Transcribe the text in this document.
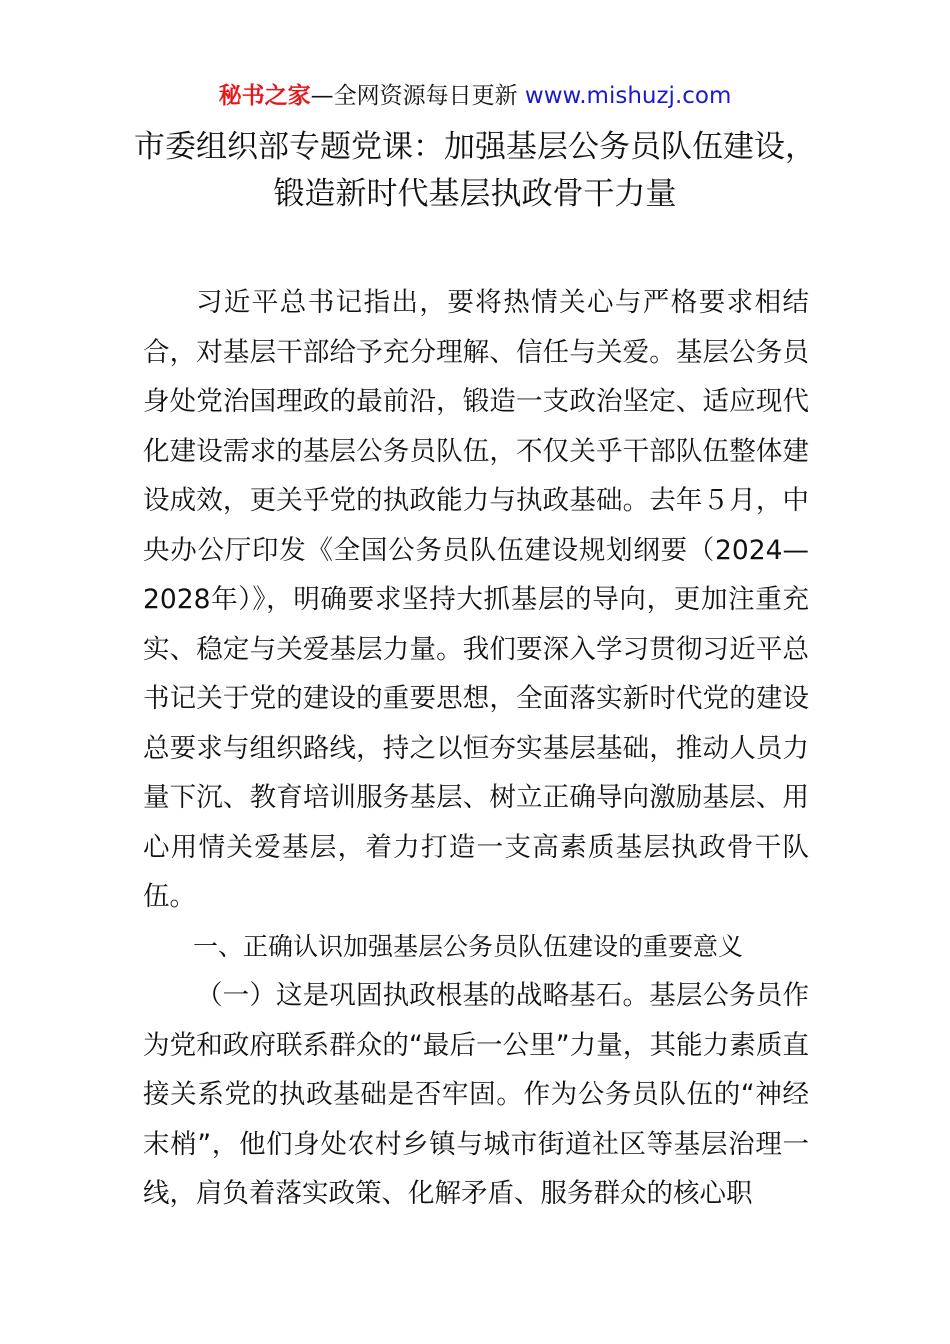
秘书之家—全网资源每日更新 www.mishuzj.com
市委组织部专题党课：加强基层公务员队伍建设，锻造新时代基层执政骨干力量

习近平总书记指出，要将热情关心与严格要求相结合，对基层干部给予充分理解、信任与关爱。基层公务员身处党治国理政的最前沿，锻造一支政治坚定、适应现代化建设需求的基层公务员队伍，不仅关乎干部队伍整体建设成效，更关乎党的执政能力与执政基础。去年５月，中央办公厅印发《全国公务员队伍建设规划纲要（2024—2028年）》，明确要求坚持大抓基层的导向，更加注重充实、稳定与关爱基层力量。我们要深入学习贯彻习近平总书记关于党的建设的重要思想，全面落实新时代党的建设总要求与组织路线，持之以恒夯实基层基础，推动人员力量下沉、教育培训服务基层、树立正确导向激励基层、用心用情关爱基层，着力打造一支高素质基层执政骨干队伍。

一、正确认识加强基层公务员队伍建设的重要意义

（一）这是巩固执政根基的战略基石。基层公务员作为党和政府联系群众的“最后一公里”力量，其能力素质直接关系党的执政基础是否牢固。作为公务员队伍的“神经末梢”，他们身处农村乡镇与城市街道社区等基层治理一线，肩负着落实政策、化解矛盾、服务群众的核心职
